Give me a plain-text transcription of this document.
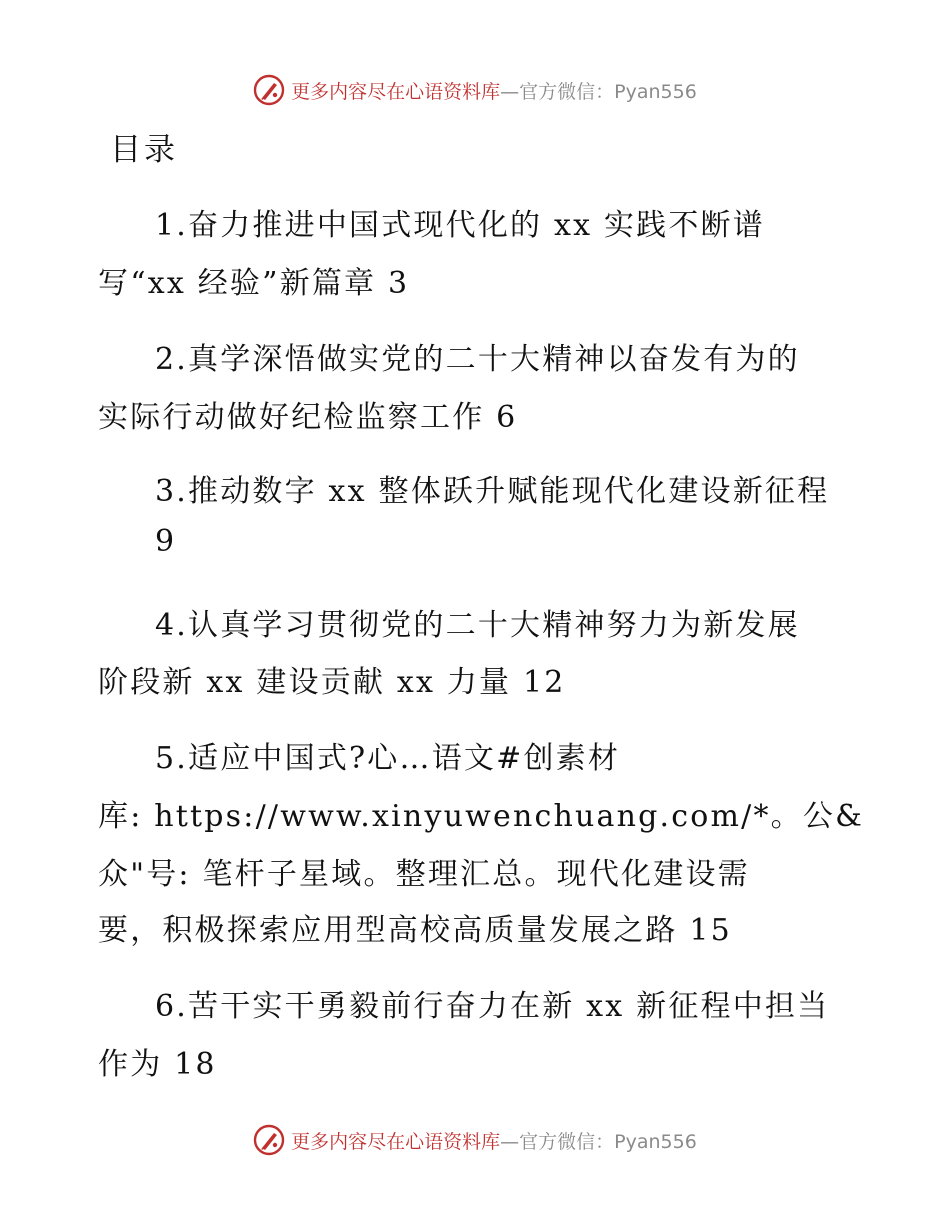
更多内容尽在心语资料库 —官方微信：Pyan556
目录
1.奋力推进中国式现代化的 xx 实践不断谱
写“xx 经验”新篇章 3
2.真学深悟做实党的二十大精神以奋发有为的
实际行动做好纪检监察工作 6
3.推动数字 xx 整体跃升赋能现代化建设新征程
9
4.认真学习贯彻党的二十大精神努力为新发展
阶段新 xx 建设贡献 xx 力量 12
5.适应中国式?心…语文#创素材
库: https://www.xinyuwenchuang.com/*。公&
众"号: 笔杆子星域。整理汇总。现代化建设需
要，积极探索应用型高校高质量发展之路 15
6.苦干实干勇毅前行奋力在新 xx 新征程中担当
作为 18
更多内容尽在心语资料库 —官方微信：Pyan556
